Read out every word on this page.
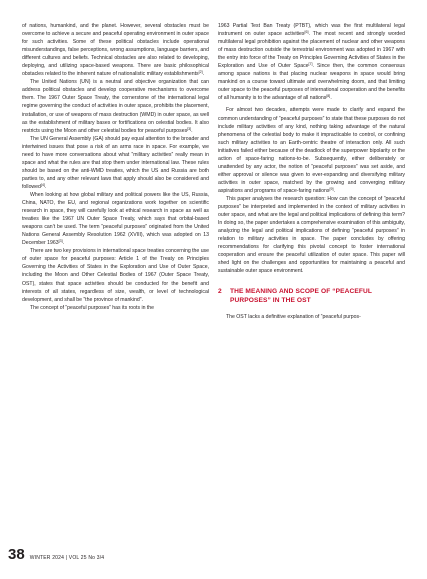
of nations, humankind, and the planet. However, several obstacles must be overcome to achieve a secure and peaceful operating environment in outer space for such activities. Some of these political obstacles include operational misunderstandings, false perceptions, wrong assumptions, language barriers, and different cultures and beliefs. Technical obstacles are also related to developing, deploying, and utilizing space-based weapons. There are basic philosophical obstacles related to the inherent nature of nationalistic military establishments[2].

The United Nations (UN) is a neutral and objective organization that can address political obstacles and develop cooperative mechanisms to overcome them. The 1967 Outer Space Treaty, the cornerstone of the international legal regime governing the conduct of activities in outer space, prohibits the placement, installation, or use of weapons of mass destruction (WMD) in outer space, as well as the establishment of military bases or fortifications on celestial bodies. It also restricts using the Moon and other celestial bodies for peaceful purposes[3].

The UN General Assembly (GA) should pay equal attention to the broader and intertwined issues that pose a risk of an arms race in space. For example, we need to have more conversations about what “military activities” really mean in space and what the rules are that stop them under international law. These rules should be based on the anti-WMD treaties, which the US and Russia are both parties to, and any other relevant laws that apply should also be considered and followed[4].

When looking at how global military and political powers like the US, Russia, China, NATO, the EU, and regional organizations work together on scientific research in space, they will carefully look at ethical research in space as well as treaties like the 1967 UN Outer Space Treaty, which says that orbital-based weapons can’t be used. The term “peaceful purposes” originated from the United Nations General Assembly Resolution 1962 (XVIII), which was adopted on 13 December 1963[3].

There are two key provisions in international space treaties concerning the use of outer space for peaceful purposes: Article 1 of the Treaty on Principles Governing the Activities of States in the Exploration and Use of Outer Space, including the Moon and Other Celestial Bodies of 1967 (Outer Space Treaty, OST), states that space activities should be conducted for the benefit and interests of all states, regardless of size, wealth, or level of technological development, and shall be “the province of mankind”.

The concept of “peaceful purposes” has its roots in the

1963 Partial Test Ban Treaty (PTBT), which was the first multilateral legal instrument on outer space activities[6]. The most recent and strongly worded multilateral legal prohibition against the placement of nuclear and other weapons of mass destruction outside the terrestrial environment was adopted in 1967 with the entry into force of the Treaty on Principles Governing Activities of States in the Exploration and Use of Outer Space[7]. Since then, the common consensus among space nations is that placing nuclear weapons in space would bring mankind on a course toward ultimate and overwhelming doom, and that limiting outer space to the peaceful purposes of international cooperation and the benefits of all humanity is to the advantage of all nations[8].

For almost two decades, attempts were made to clarify and expand the common understanding of “peaceful purposes” to state that these purposes do not include military activities of any kind, nothing taking advantage of the natural phenomena of the celestial body to make it impracticable to control, or confining such military activities to an Earth-centric theatre of interaction only. All such initiatives failed either because of the deadlock of the superpower bipolarity or the action of space-faring nations-to-be. Subsequently, either deliberately or unattended by any actor, the notion of “peaceful purposes” was set aside, and either approval or silence was given to ever-expanding and diversifying military activities in outer space, matched by the growing and converging military aspirations and programs of space-faring nations[9].

This paper analyses the research question: How can the concept of “peaceful purposes” be interpreted and implemented in the context of military activities in outer space, and what are the legal and political implications of defining this term? In doing so, the paper undertakes a comprehensive examination of this ambiguity, analyzing the legal and political implications of defining “peaceful purposes” in relation to military activities in space. The paper concludes by offering recommendations for clarifying this pivotal concept to foster international cooperation and ensure the peaceful utilization of outer space. This paper will shed light on the challenges and opportunities for maintaining a peaceful and sustainable outer space environment.

2 THE MEANING AND SCOPE OF “PEACEFUL PURPOSES” IN THE OST

The OST lacks a definitive explanation of “peaceful purpos-

38 WINTER 2024 | VOL 25 No 3/4
